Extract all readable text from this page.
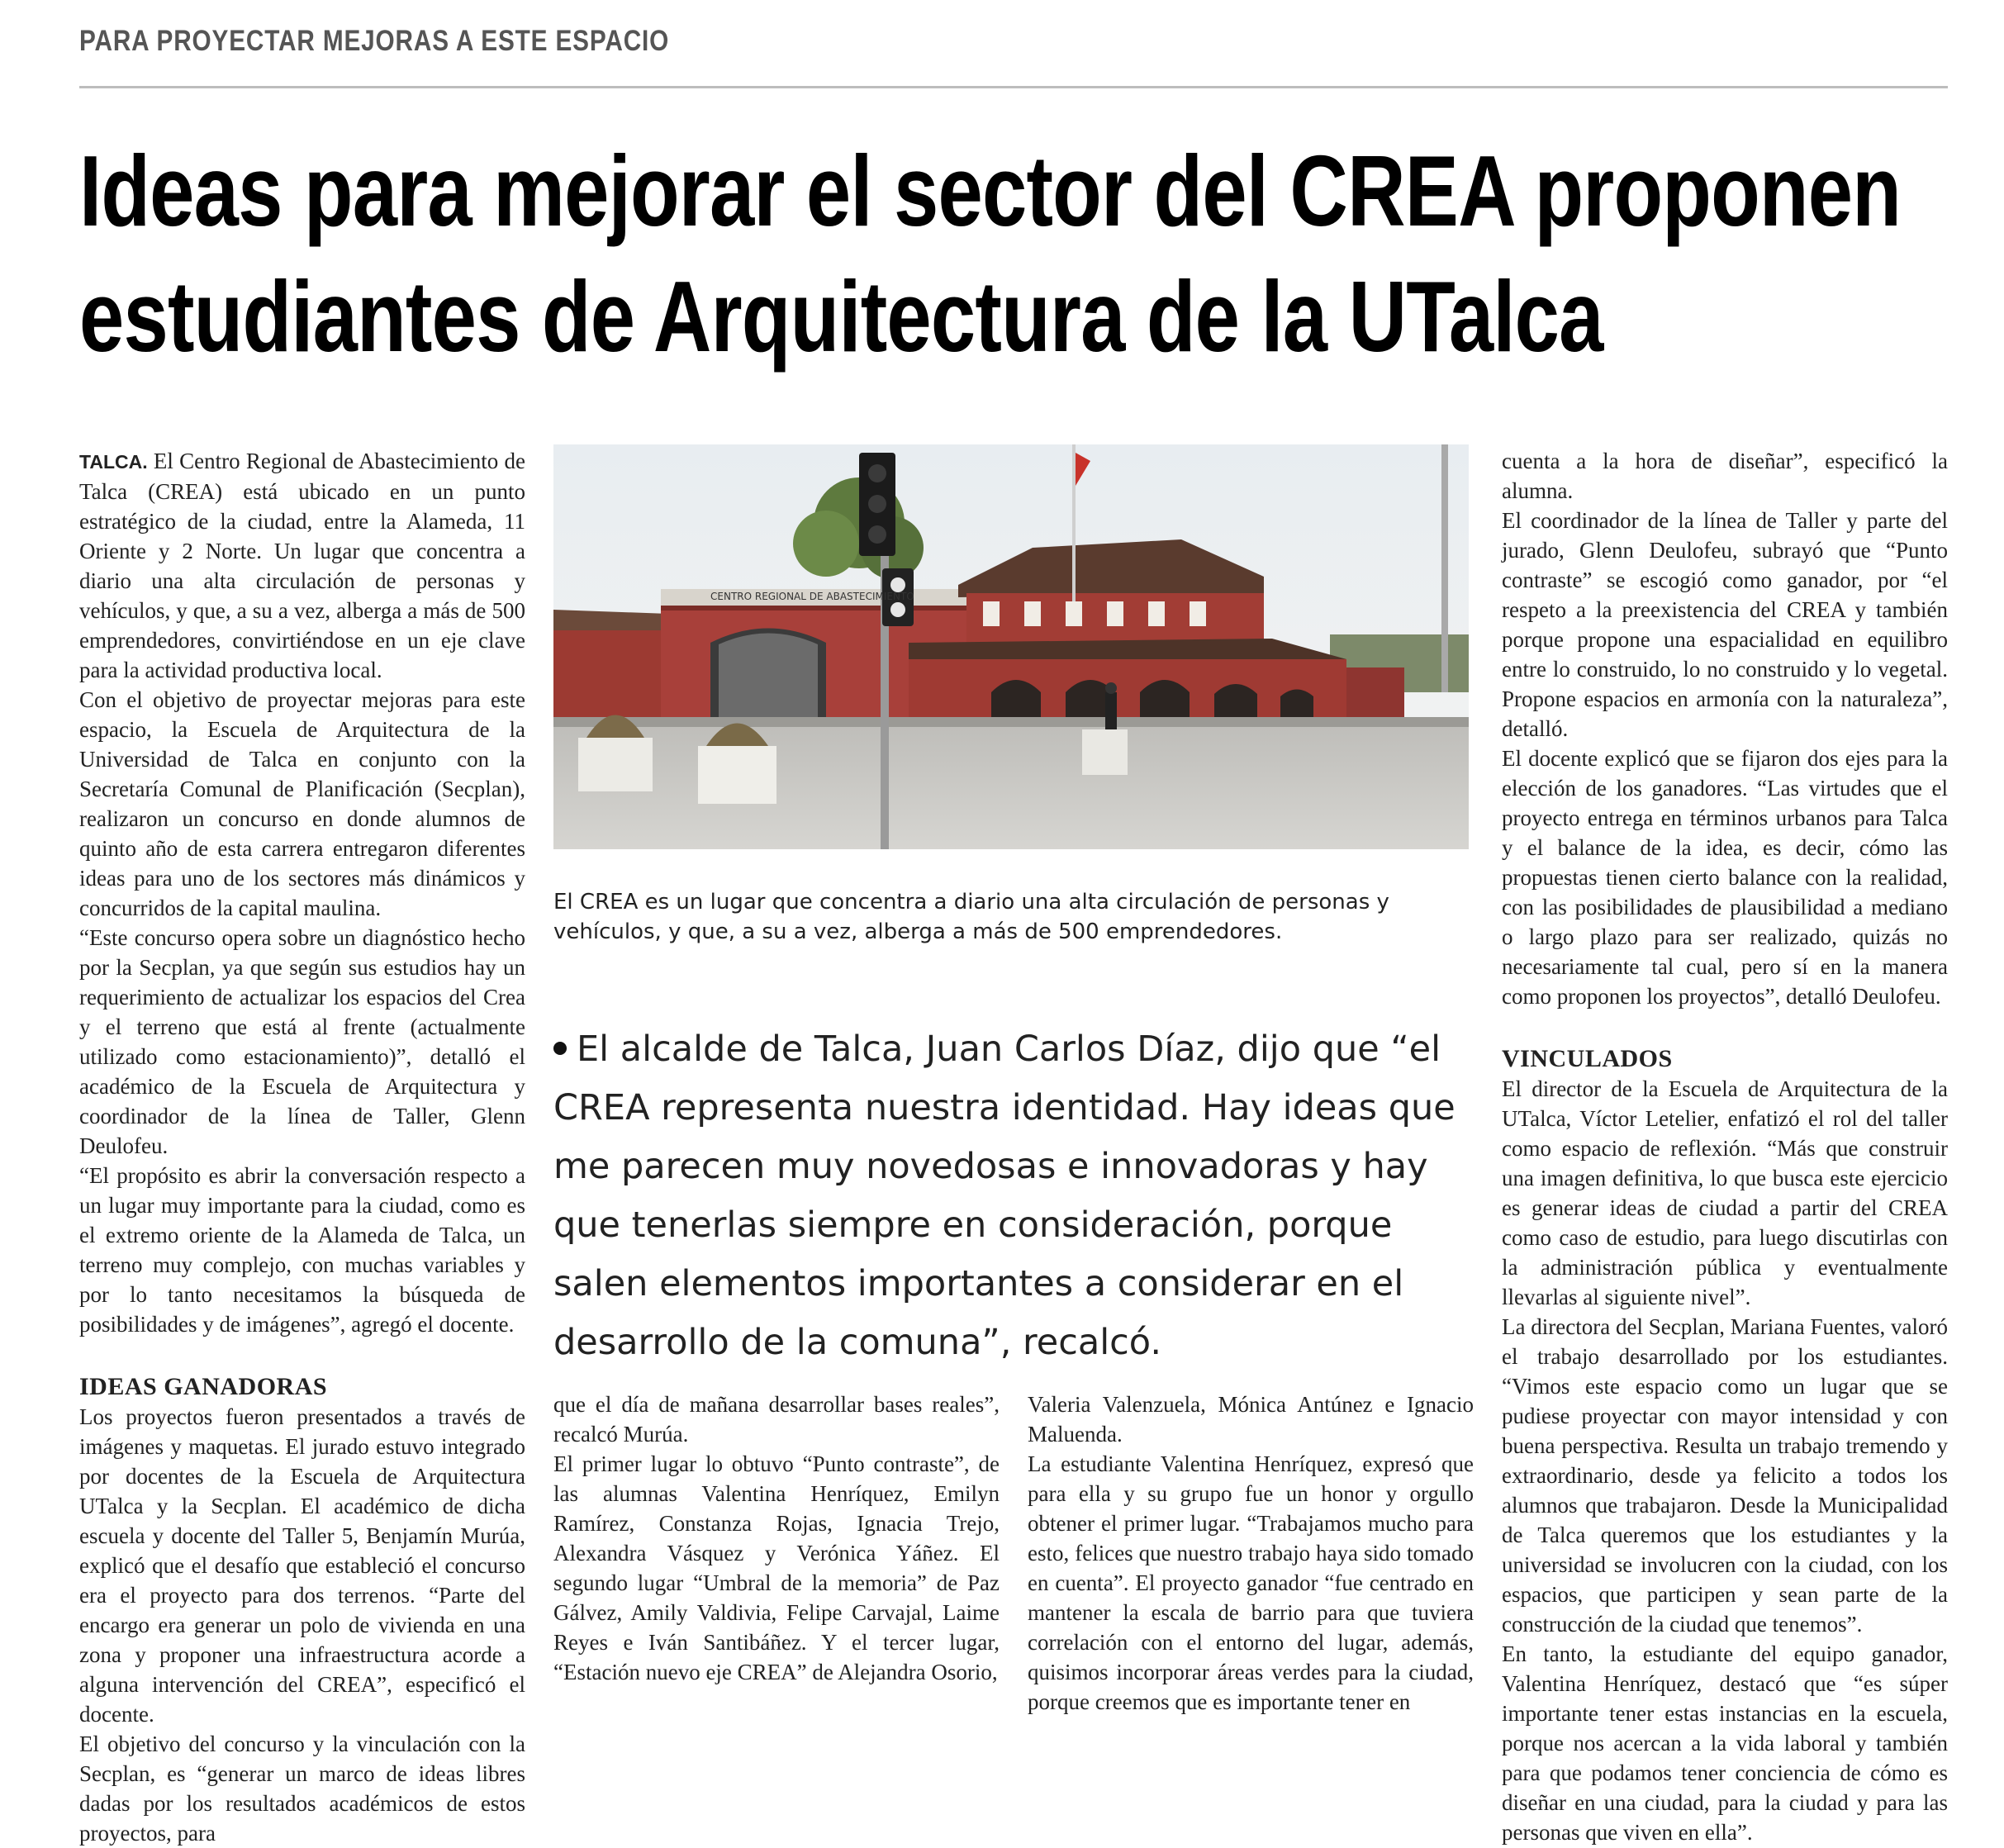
PARA PROYECTAR MEJORAS A ESTE ESPACIO
Ideas para mejorar el sector del CREA proponen
estudiantes de Arquitectura de la UTalca

TALCA. El Centro Regional de Abastecimiento de Talca (CREA) está ubicado en un punto estratégico de la ciudad, entre la Alameda, 11 Oriente y 2 Norte. Un lugar que concentra a diario una alta circulación de personas y vehículos, y que, a su a vez, alberga a más de 500 emprendedores, convirtiéndose en un eje clave para la actividad productiva local.

Con el objetivo de proyectar mejoras para este espacio, la Escuela de Arquitectura de la Universidad de Talca en conjunto con la Secretaría Comunal de Planificación (Secplan), realizaron un concurso en donde alumnos de quinto año de esta carrera entregaron diferentes ideas para uno de los sectores más dinámicos y concurridos de la capital maulina.

“Este concurso opera sobre un diagnóstico hecho por la Secplan, ya que según sus estudios hay un requerimiento de actualizar los espacios del Crea y el terreno que está al frente (actualmente utilizado como estacionamiento)”, detalló el académico de la Escuela de Arquitectura y coordinador de la línea de Taller, Glenn Deulofeu.

“El propósito es abrir la conversación respecto a un lugar muy importante para la ciudad, como es el extremo oriente de la Alameda de Talca, un terreno muy complejo, con muchas variables y por lo tanto necesitamos la búsqueda de posibilidades y de imágenes”, agregó el docente.

IDEAS GANADORAS

Los proyectos fueron presentados a través de imágenes y maquetas. El jurado estuvo integrado por docentes de la Escuela de Arquitectura UTalca y la Secplan. El académico de dicha escuela y docente del Taller 5, Benjamín Murúa, explicó que el desafío que estableció el concurso era el proyecto para dos terrenos. “Parte del encargo era generar un polo de vivienda en una zona y proponer una infraestructura acorde a alguna intervención del CREA”, especificó el docente.

El objetivo del concurso y la vinculación con la Secplan, es “generar un marco de ideas libres dadas por los resultados académicos de estos proyectos, para

CENTRO REGIONAL DE ABASTECIMIENTO
El CREA es un lugar que concentra a diario una alta circulación de personas y vehículos, y que, a su a vez, alberga a más de 500 emprendedores.
El alcalde de Talca, Juan Carlos Díaz, dijo que “el CREA representa nuestra identidad. Hay ideas que me parecen muy novedosas e innovadoras y hay que tenerlas siempre en consideración, porque salen elementos importantes a considerar en el desarrollo de la comuna”, recalcó.

que el día de mañana desarrollar bases reales”, recalcó Murúa.

El primer lugar lo obtuvo “Punto contraste”, de las alumnas Valentina Henríquez, Emilyn Ramírez, Constanza Rojas, Ignacia Trejo, Alexandra Vásquez y Verónica Yáñez. El segundo lugar “Umbral de la memoria” de Paz Gálvez, Amily Valdivia, Felipe Carvajal, Laime Reyes e Iván Santibáñez. Y el tercer lugar, “Estación nuevo eje CREA” de Alejandra Osorio,

Valeria Valenzuela, Mónica Antúnez e Ignacio Maluenda.

La estudiante Valentina Henríquez, expresó que para ella y su grupo fue un honor y orgullo obtener el primer lugar. “Trabajamos mucho para esto, felices que nuestro trabajo haya sido tomado en cuenta”. El proyecto ganador “fue centrado en mantener la escala de barrio para que tuviera correlación con el entorno del lugar, además, quisimos incorporar áreas verdes para la ciudad, porque creemos que es importante tener en

cuenta a la hora de diseñar”, especificó la alumna.

El coordinador de la línea de Taller y parte del jurado, Glenn Deulofeu, subrayó que “Punto contraste” se escogió como ganador, por “el respeto a la preexistencia del CREA y también porque propone una espacialidad en equilibro entre lo construido, lo no construido y lo vegetal. Propone espacios en armonía con la naturaleza”, detalló.

El docente explicó que se fijaron dos ejes para la elección de los ganadores. “Las virtudes que el proyecto entrega en términos urbanos para Talca y el balance de la idea, es decir, cómo las propuestas tienen cierto balance con la realidad, con las posibilidades de plausibilidad a mediano o largo plazo para ser realizado, quizás no necesariamente tal cual, pero sí en la manera como proponen los proyectos”, detalló Deulofeu.

VINCULADOS

El director de la Escuela de Arquitectura de la UTalca, Víctor Letelier, enfatizó el rol del taller como espacio de reflexión. “Más que construir una imagen definitiva, lo que busca este ejercicio es generar ideas de ciudad a partir del CREA como caso de estudio, para luego discutirlas con la administración pública y eventualmente llevarlas al siguiente nivel”.

La directora del Secplan, Mariana Fuentes, valoró el trabajo desarrollado por los estudiantes. “Vimos este espacio como un lugar que se pudiese proyectar con mayor intensidad y con buena perspectiva. Resulta un trabajo tremendo y extraordinario, desde ya felicito a todos los alumnos que trabajaron. Desde la Municipalidad de Talca queremos que los estudiantes y la universidad se involucren con la ciudad, con los espacios, que participen y sean parte de la construcción de la ciudad que tenemos”.

En tanto, la estudiante del equipo ganador, Valentina Henríquez, destacó que “es súper importante tener estas instancias en la escuela, porque nos acercan a la vida laboral y también para que podamos tener conciencia de cómo es diseñar en una ciudad, para la ciudad y para las personas que viven en ella”.
